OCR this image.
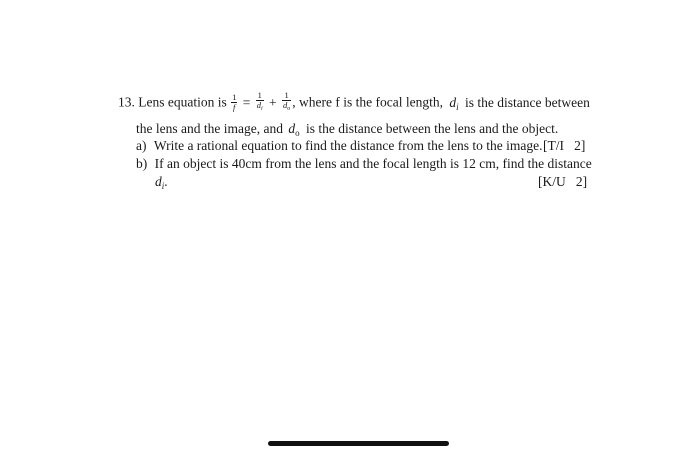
13. Lens equation is $\frac{1}{f} = \frac{1}{d_i} + \frac{1}{d_o}$ , where f is the focal length, $d_i$ is the distance between
the lens and the image, and $d_o$ is the distance between the lens and the object.
a) Write a rational equation to find the distance from the lens to the image. [T/I   2]
b) If an object is 40cm from the lens and the focal length is 12 cm, find the distance
$d_i$.	[K/U   2]
